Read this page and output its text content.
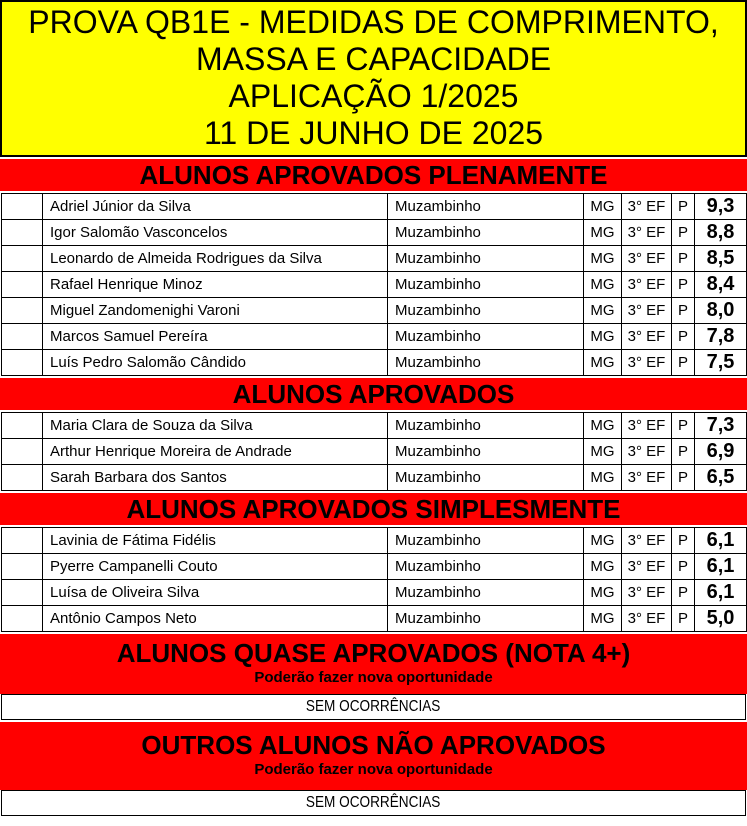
PROVA QB1E - MEDIDAS DE COMPRIMENTO,
MASSA E CAPACIDADE
APLICAÇÃO 1/2025
11 DE JUNHO DE 2025
ALUNOS APROVADOS PLENAMENTE
	Adriel Júnior da Silva	Muzambinho	MG	3° EF	P	9,3
	Igor Salomão Vasconcelos	Muzambinho	MG	3° EF	P	8,8
	Leonardo de Almeida Rodrigues da Silva	Muzambinho	MG	3° EF	P	8,5
	Rafael Henrique Minoz	Muzambinho	MG	3° EF	P	8,4
	Miguel Zandomenighi Varoni	Muzambinho	MG	3° EF	P	8,0
	Marcos Samuel Pereíra	Muzambinho	MG	3° EF	P	7,8
	Luís Pedro Salomão Cândido	Muzambinho	MG	3° EF	P	7,5
ALUNOS APROVADOS
	Maria Clara de Souza da Silva	Muzambinho	MG	3° EF	P	7,3
	Arthur Henrique Moreira de Andrade	Muzambinho	MG	3° EF	P	6,9
	Sarah Barbara dos Santos	Muzambinho	MG	3° EF	P	6,5
ALUNOS APROVADOS SIMPLESMENTE
	Lavinia de Fátima Fidélis	Muzambinho	MG	3° EF	P	6,1
	Pyerre Campanelli Couto	Muzambinho	MG	3° EF	P	6,1
	Luísa de Oliveira Silva	Muzambinho	MG	3° EF	P	6,1
	Antônio Campos Neto	Muzambinho	MG	3° EF	P	5,0
ALUNOS QUASE APROVADOS (NOTA 4+)
Poderão fazer nova oportunidade
SEM OCORRÊNCIAS
OUTROS ALUNOS NÃO APROVADOS
Poderão fazer nova oportunidade
SEM OCORRÊNCIAS
